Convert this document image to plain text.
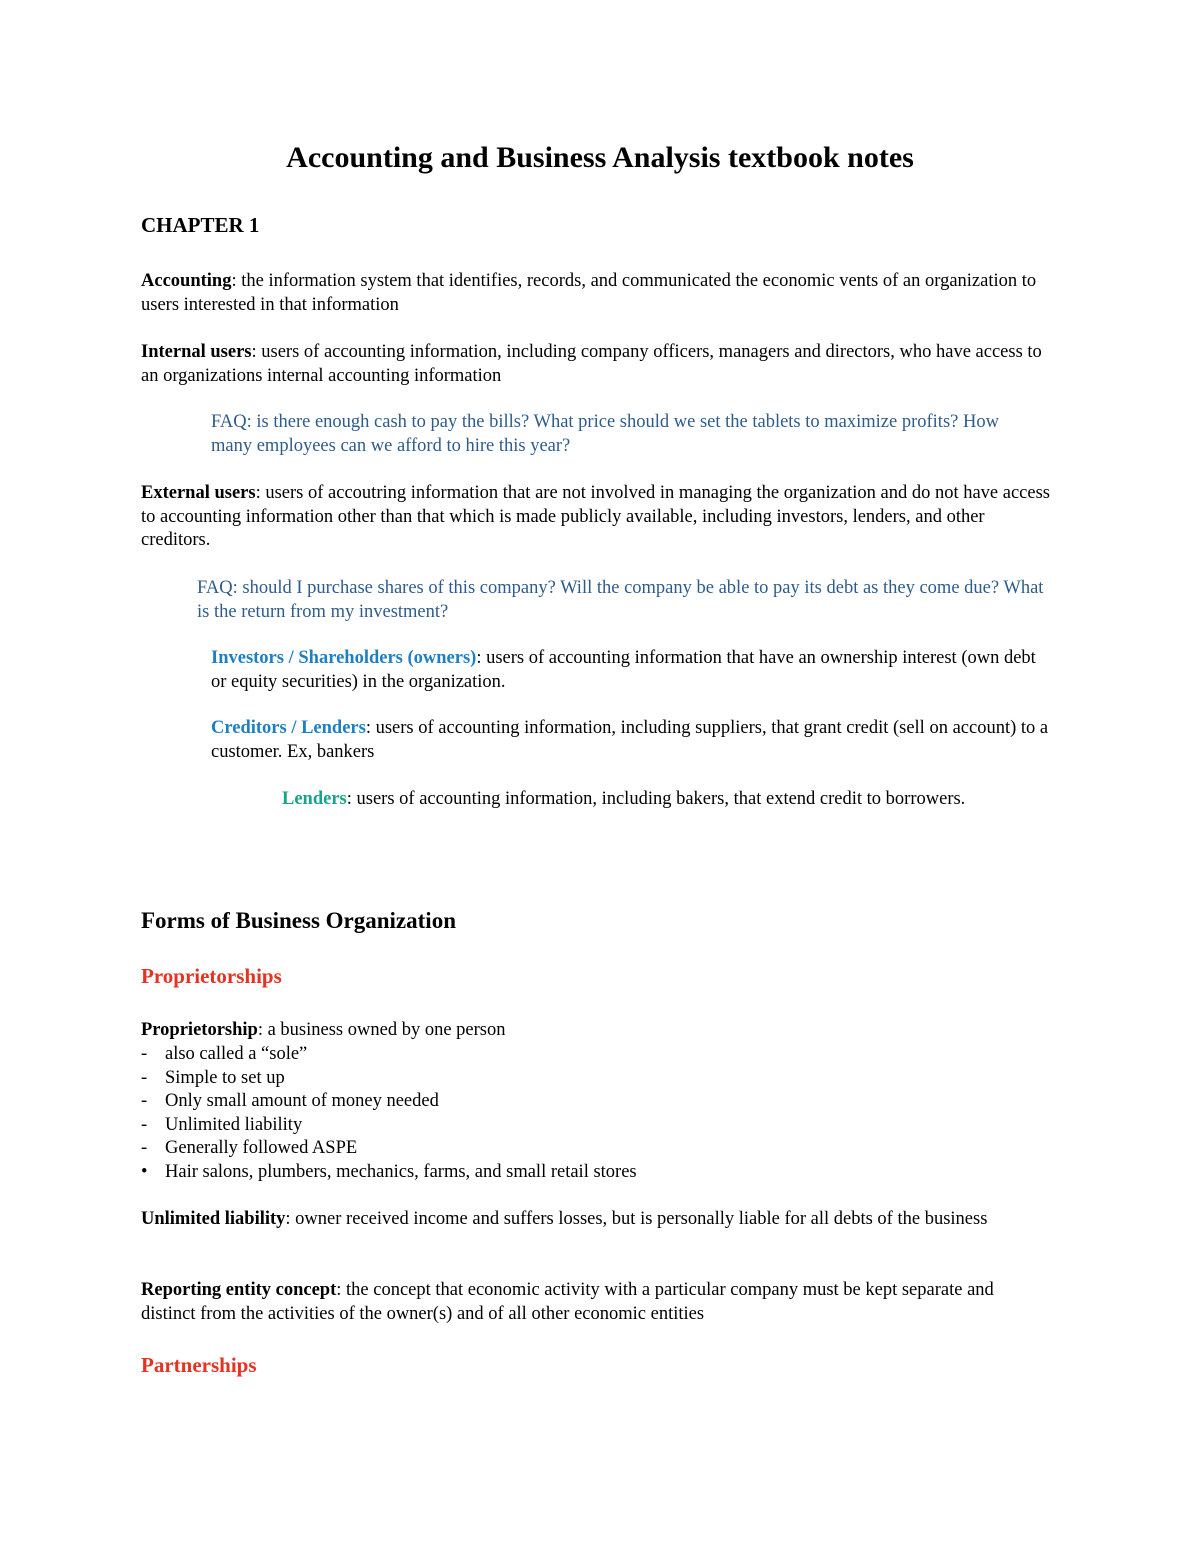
Accounting and Business Analysis textbook notes
CHAPTER 1

Accounting: the information system that identifies, records, and communicated the economic vents of an organization to users interested in that information

Internal users: users of accounting information, including company officers, managers and directors, who have access to an organizations internal accounting information

FAQ: is there enough cash to pay the bills? What price should we set the tablets to maximize profits? How many employees can we afford to hire this year?

External users: users of accoutring information that are not involved in managing the organization and do not have access to accounting information other than that which is made publicly available, including investors, lenders, and other creditors.

FAQ: should I purchase shares of this company? Will the company be able to pay its debt as they come due? What is the return from my investment?

Investors / Shareholders (owners): users of accounting information that have an ownership interest (own debt or equity securities) in the organization.

Creditors / Lenders: users of accounting information, including suppliers, that grant credit (sell on account) to a customer. Ex, bankers

Lenders: users of accounting information, including bakers, that extend credit to borrowers.

Forms of Business Organization
Proprietorships

Proprietorship: a business owned by one person

- also called a “sole”
- Simple to set up
- Only small amount of money needed
- Unlimited liability
- Generally followed ASPE
• Hair salons, plumbers, mechanics, farms, and small retail stores

Unlimited liability: owner received income and suffers losses, but is personally liable for all debts of the business

Reporting entity concept: the concept that economic activity with a particular company must be kept separate and distinct from the activities of the owner(s) and of all other economic entities

Partnerships
